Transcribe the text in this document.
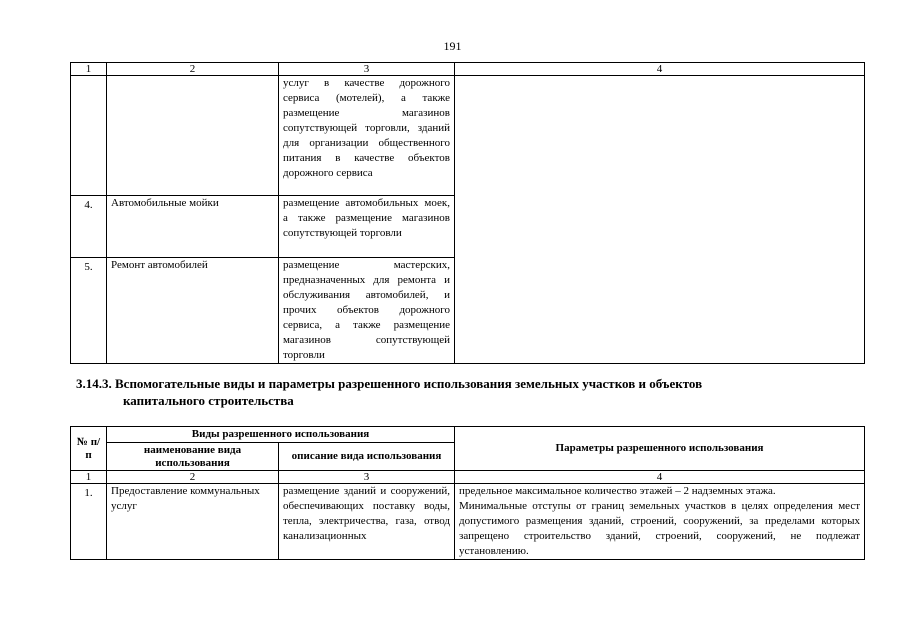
191
1	2	3	4
		услуг в качестве дорожного сервиса (мотелей), а также размещение магазинов сопутствующей торговли, зданий для организации общественного питания в качестве объектов дорожного сервиса	
4.	Автомобильные мойки	размещение автомобильных моек, а также размещение магазинов сопутствующей торговли	
5.	Ремонт автомобилей	размещение мастерских, предназначенных для ремонта и обслуживания автомобилей, и прочих объектов дорожного сервиса, а также размещение магазинов сопутствующей торговли	
3.14.3. Вспомогательные виды и параметры разрешенного использования земельных участков и объектов
капитального строительства
№ п/п	Виды разрешенного использования		Параметры разрешенного использования
	наименование вида использования	описание вида использования	
1	2	3	4
1.	Предоставление коммунальных услуг	размещение зданий и сооружений, обеспечивающих поставку воды, тепла, электричества, газа, отвод канализационных	предельное максимальное количество этажей – 2 надземных этажа.
Минимальные отступы от границ земельных участков в целях определения мест допустимого размещения зданий, строений, сооружений, за пределами которых запрещено строительство зданий, строений, сооружений, не подлежат установлению.
